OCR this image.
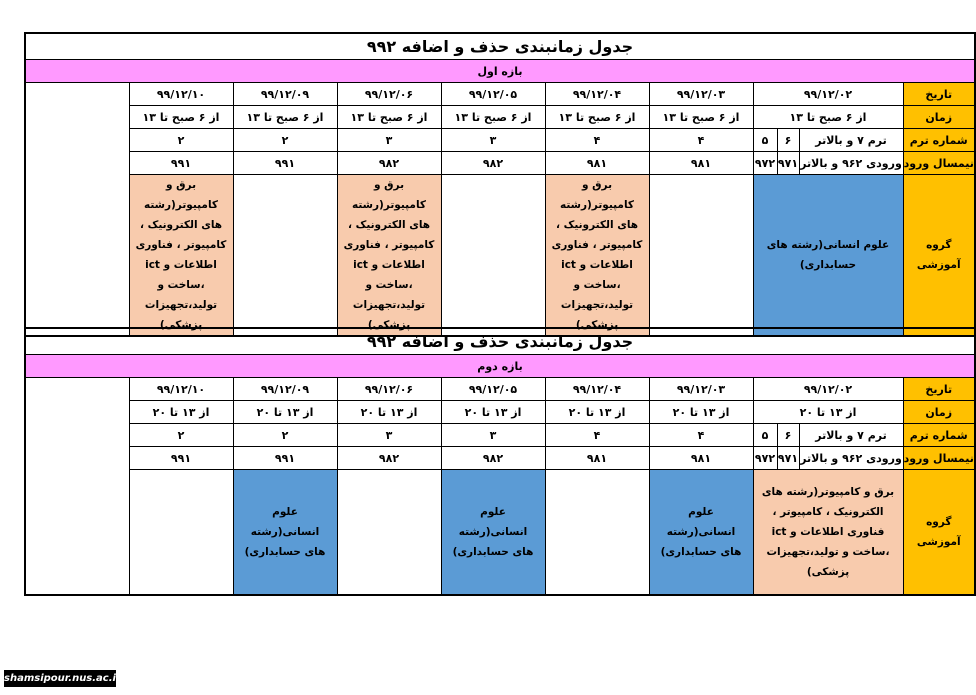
جدول زمانبندی حذف و اضافه ۹۹۲									
بازه اول									
تاریخ	۹۹/۱۲/۰۲			۹۹/۱۲/۰۳	۹۹/۱۲/۰۴	۹۹/۱۲/۰۵	۹۹/۱۲/۰۶	۹۹/۱۲/۰۹	۹۹/۱۲/۱۰
زمان	از ۶ صبح تا ۱۳			از ۶ صبح تا ۱۳	از ۶ صبح تا ۱۳	از ۶ صبح تا ۱۳	از ۶ صبح تا ۱۳	از ۶ صبح تا ۱۳	از ۶ صبح تا ۱۳
شماره ترم	ترم ۷ و بالاتر	۶	۵	۴	۴	۳	۳	۲	۲
نیمسال ورود	ورودی ۹۶۲ و بالاتر	۹۷۱	۹۷۲	۹۸۱	۹۸۱	۹۸۲	۹۸۲	۹۹۱	۹۹۱
گروه آموزشی	علوم انسانی(رشته های حسابداری)				برق و کامپیوتر(رشته های الکترونیک ، کامپیوتر ، فناوری اطلاعات و ict ،ساخت و تولید،تجهیزات پزشکی)		برق و کامپیوتر(رشته های الکترونیک ، کامپیوتر ، فناوری اطلاعات و ict ،ساخت و تولید،تجهیزات پزشکی)		برق و کامپیوتر(رشته های الکترونیک ، کامپیوتر ، فناوری اطلاعات و ict ،ساخت و تولید،تجهیزات پزشکی)
جدول زمانبندی حذف و اضافه ۹۹۲									
بازه دوم									
تاریخ	۹۹/۱۲/۰۲			۹۹/۱۲/۰۳	۹۹/۱۲/۰۴	۹۹/۱۲/۰۵	۹۹/۱۲/۰۶	۹۹/۱۲/۰۹	۹۹/۱۲/۱۰
زمان	از ۱۳ تا ۲۰			از ۱۳ تا ۲۰	از ۱۳ تا ۲۰	از ۱۳ تا ۲۰	از ۱۳ تا ۲۰	از ۱۳ تا ۲۰	از ۱۳ تا ۲۰
شماره ترم	ترم ۷ و بالاتر	۶	۵	۴	۴	۳	۳	۲	۲
نیمسال ورود	ورودی ۹۶۲ و بالاتر	۹۷۱	۹۷۲	۹۸۱	۹۸۱	۹۸۲	۹۸۲	۹۹۱	۹۹۱
گروه آموزشی	برق و کامپیوتر(رشته های الکترونیک ، کامپیوتر ، فناوری اطلاعات و ict ،ساخت و تولید،تجهیزات پزشکی)			علوم انسانی(رشته های حسابداری)		علوم انسانی(رشته های حسابداری)		علوم انسانی(رشته های حسابداری)	
shamsipour.nus.ac.ir
